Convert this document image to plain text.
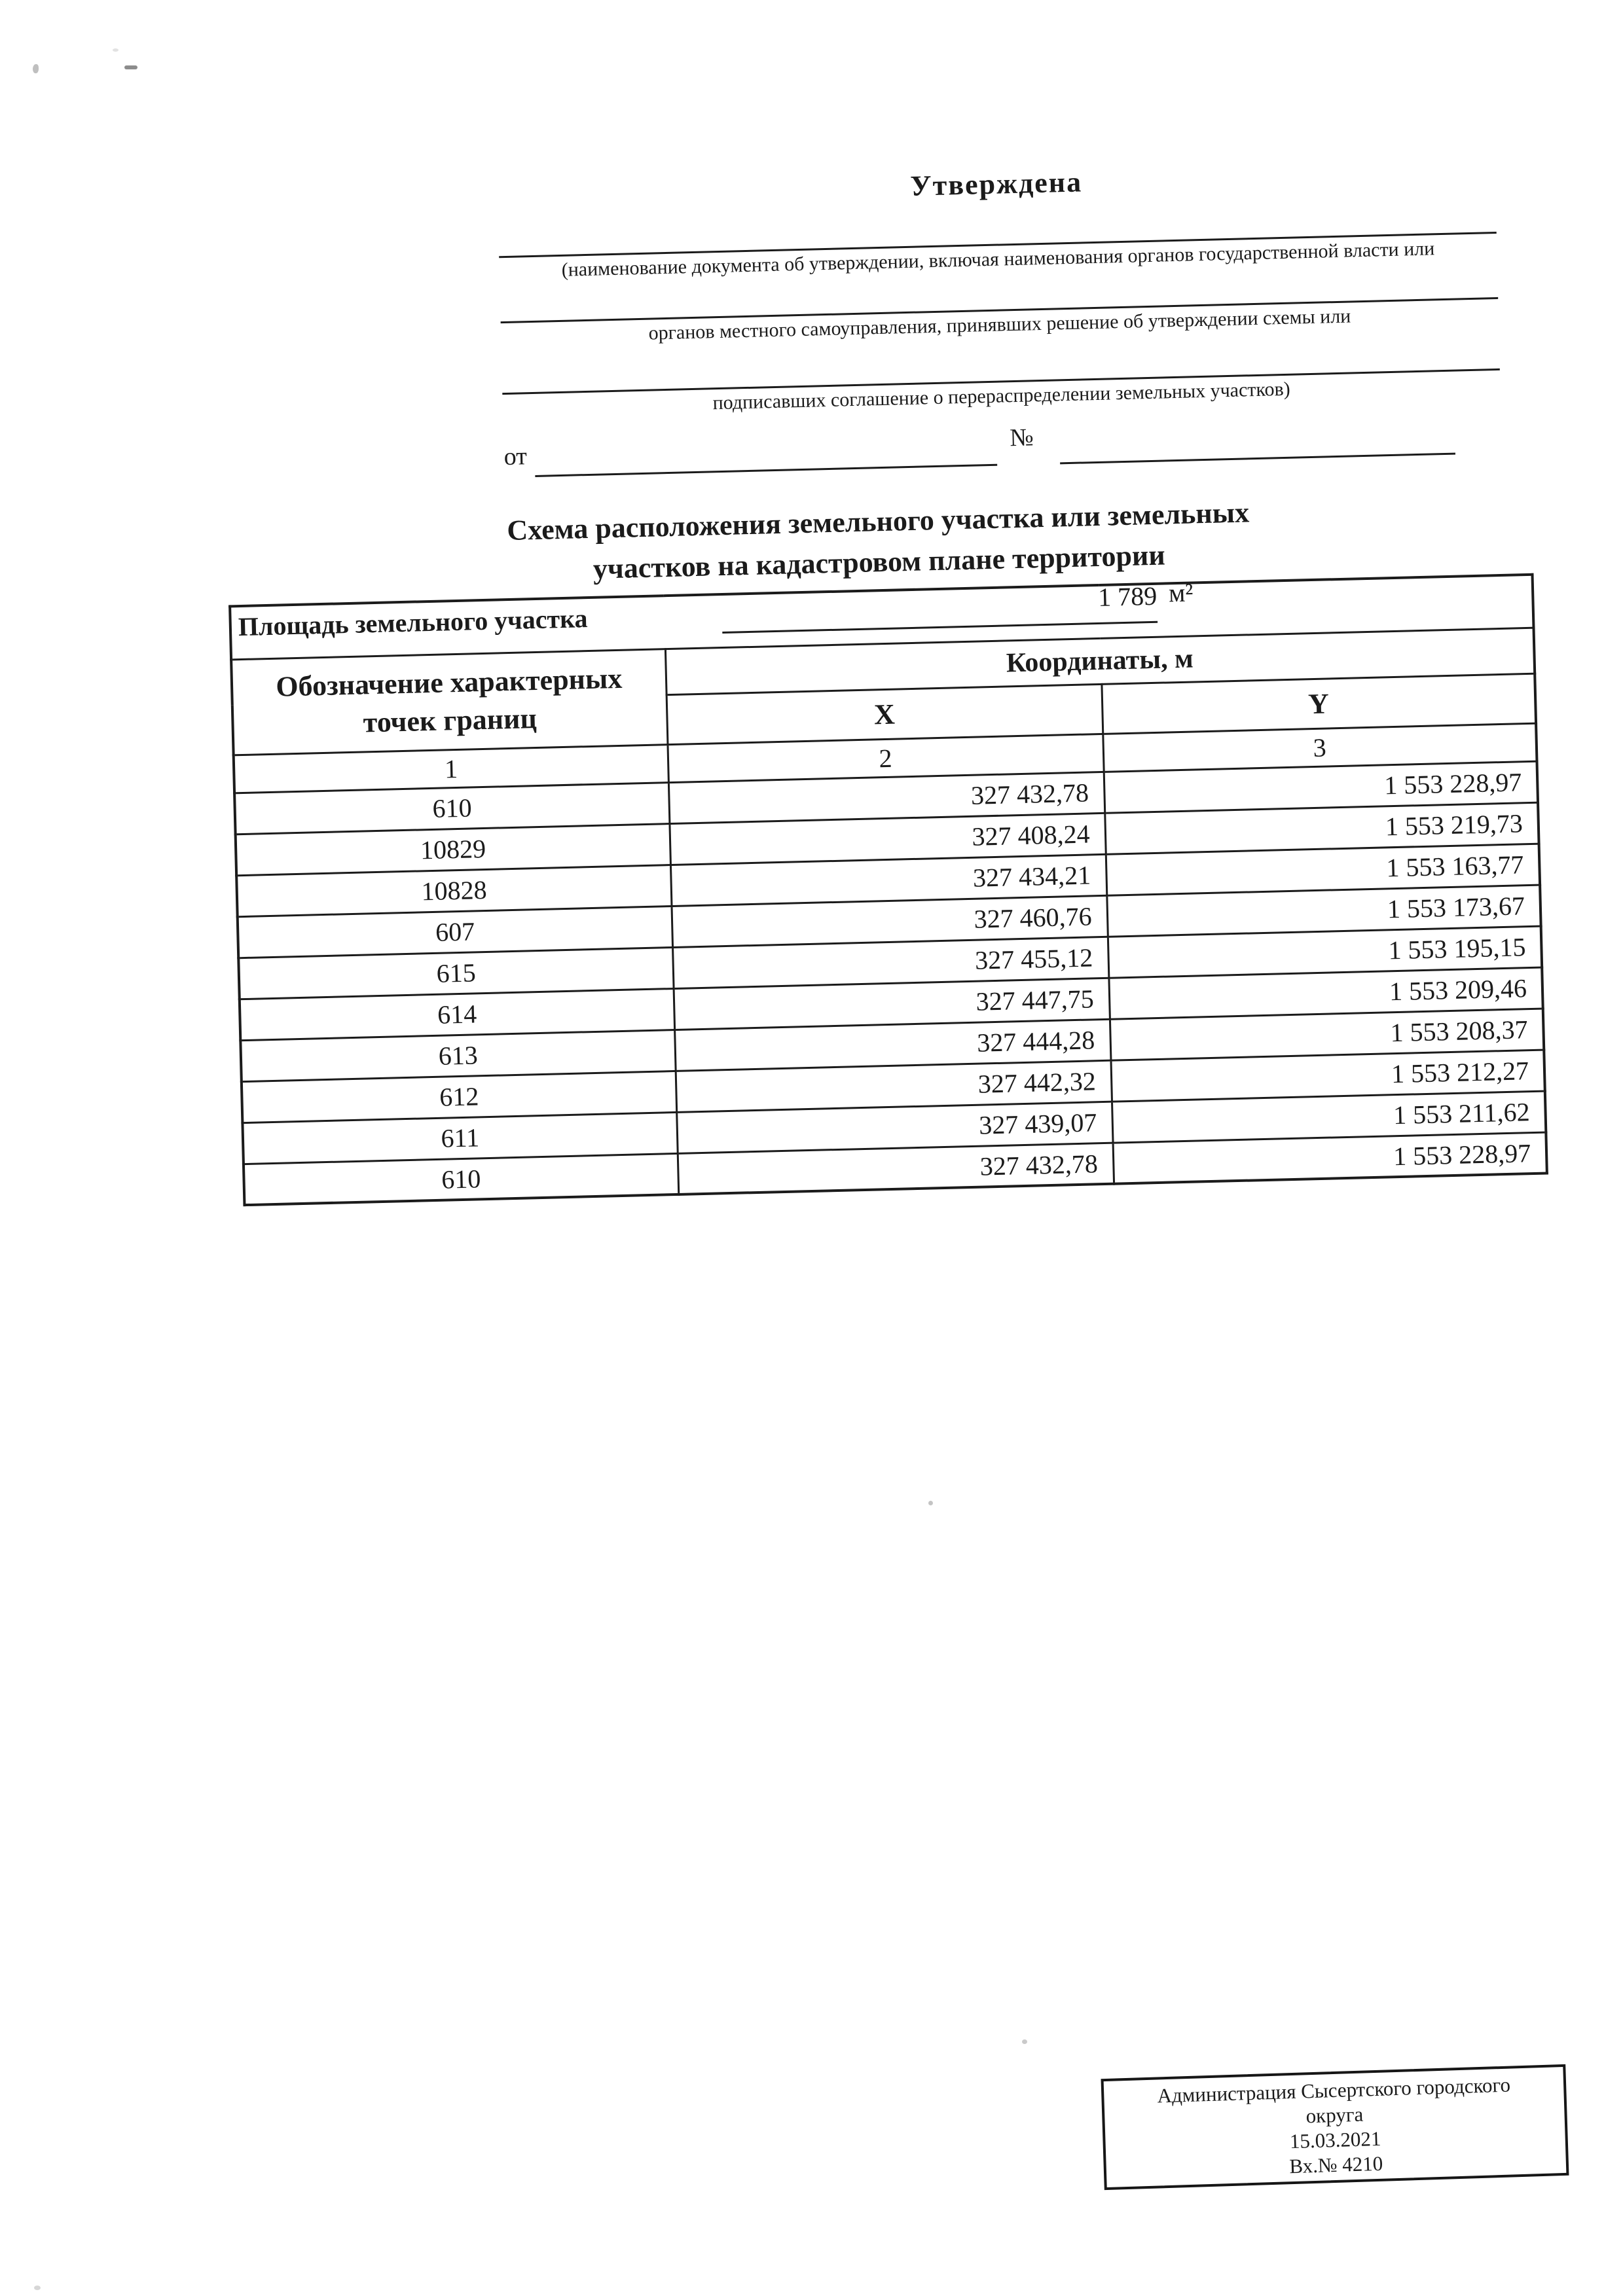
Утверждена
(наименование документа об утверждении, включая наименования органов государственной власти или
органов местного самоуправления, принявших решение об утверждении схемы или
подписавших соглашение о перераспределении земельных участков)
от
№
Схема расположения земельного участка или земельных
участков на кадастровом плане территории
Площадь земельного участка
1 789 м²		

Обозначение характерных
точек границ	Координаты, м	
	X	Y
1	2	3
610	327 432,78	1 553 228,97
10829	327 408,24	1 553 219,73
10828	327 434,21	1 553 163,77
607	327 460,76	1 553 173,67
615	327 455,12	1 553 195,15
614	327 447,75	1 553 209,46
613	327 444,28	1 553 208,37
612	327 442,32	1 553 212,27
611	327 439,07	1 553 211,62
610	327 432,78	1 553 228,97
Администрация Сысертского городского
округа
15.03.2021
Вх.№ 4210
